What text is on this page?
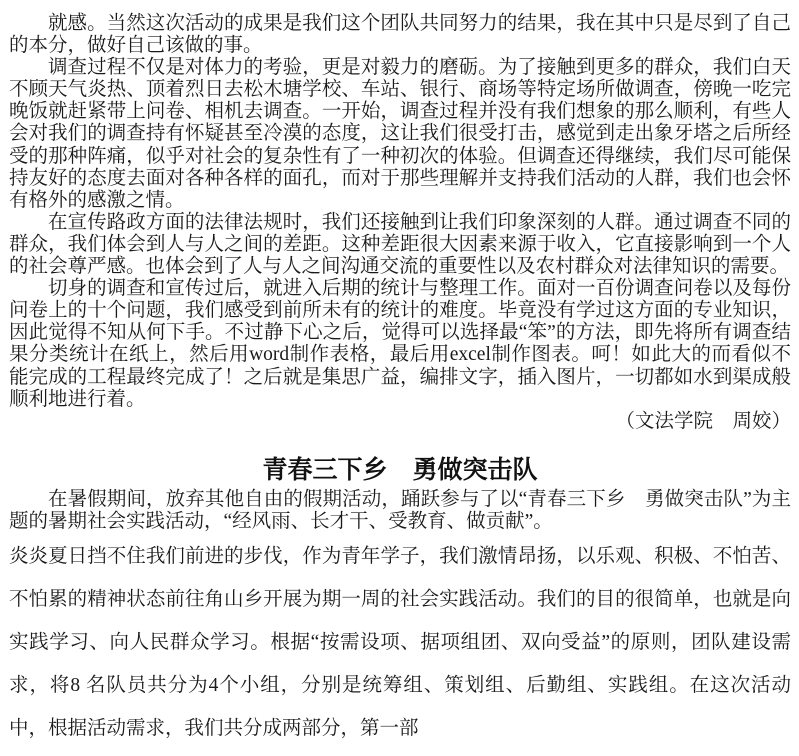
就感。当然这次活动的成果是我们这个团队共同努力的结果，我在其中只是尽到了自己的本分，做好自己该做的事。

调查过程不仅是对体力的考验，更是对毅力的磨砺。为了接触到更多的群众，我们白天不顾天气炎热、顶着烈日去松木塘学校、车站、银行、商场等特定场所做调查，傍晚一吃完晚饭就赶紧带上问卷、相机去调查。一开始，调查过程并没有我们想象的那么顺利，有些人会对我们的调查持有怀疑甚至冷漠的态度，这让我们很受打击，感觉到走出象牙塔之后所经受的那种阵痛，似乎对社会的复杂性有了一种初次的体验。但调查还得继续，我们尽可能保持友好的态度去面对各种各样的面孔，而对于那些理解并支持我们活动的人群，我们也会怀有格外的感激之情。

在宣传路政方面的法律法规时，我们还接触到让我们印象深刻的人群。通过调查不同的群众，我们体会到人与人之间的差距。这种差距很大因素来源于收入，它直接影响到一个人的社会尊严感。也体会到了人与人之间沟通交流的重要性以及农村群众对法律知识的需要。

切身的调查和宣传过后，就进入后期的统计与整理工作。面对一百份调查问卷以及每份问卷上的十个问题，我们感受到前所未有的统计的难度。毕竟没有学过这方面的专业知识，因此觉得不知从何下手。不过静下心之后，觉得可以选择最“笨”的方法，即先将所有调查结果分类统计在纸上，然后用word制作表格，最后用excel制作图表。呵！如此大的而看似不能完成的工程最终完成了！之后就是集思广益，编排文字，插入图片，一切都如水到渠成般顺利地进行着。

（文法学院　周姣）

青春三下乡　勇做突击队

在暑假期间，放弃其他自由的假期活动，踊跃参与了以“青春三下乡　勇做突击队”为主题的暑期社会实践活动，“经风雨、长才干、受教育、做贡献”。

炎炎夏日挡不住我们前进的步伐，作为青年学子，我们激情昂扬，以乐观、积极、不怕苦、不怕累的精神状态前往角山乡开展为期一周的社会实践活动。我们的目的很简单，也就是向实践学习、向人民群众学习。根据“按需设项、据项组团、双向受益”的原则，团队建设需求，将8 名队员共分为4个小组，分别是统筹组、策划组、后勤组、实践组。在这次活动中，根据活动需求，我们共分成两部分，第一部
